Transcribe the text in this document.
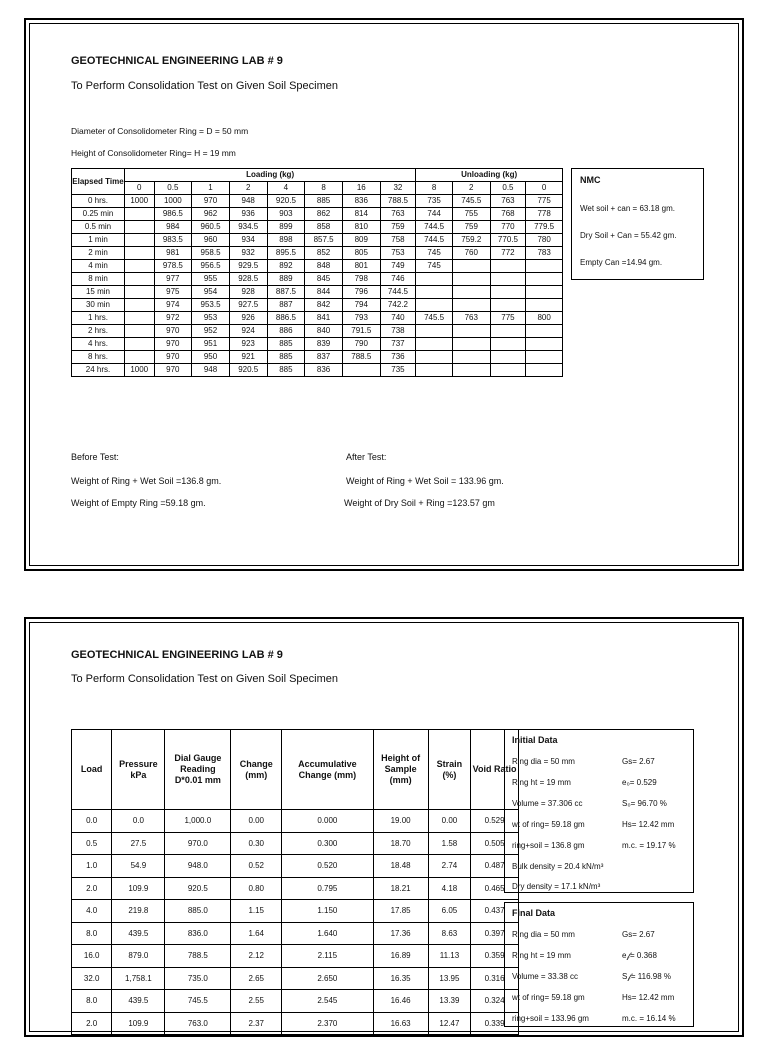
GEOTECHNICAL ENGINEERING LAB # 9
To Perform Consolidation Test on Given Soil Specimen
Diameter of Consolidometer Ring = D = 50 mm
Height of Consolidometer Ring= H = 19 mm
Elapsed Time	Loading (kg)								Unloading (kg)			
	0	0.5	1	2	4	8	16	32	8	2	0.5	0
0 hrs.	1000	1000	970	948	920.5	885	836	788.5	735	745.5	763	775
0.25 min		986.5	962	936	903	862	814	763	744	755	768	778
0.5 min		984	960.5	934.5	899	858	810	759	744.5	759	770	779.5
1 min		983.5	960	934	898	857.5	809	758	744.5	759.2	770.5	780
2 min		981	958.5	932	895.5	852	805	753	745	760	772	783
4 min		978.5	956.5	929.5	892	848	801	749	745			
8 min		977	955	928.5	889	845	798	746				
15 min		975	954	928	887.5	844	796	744.5				
30 min		974	953.5	927.5	887	842	794	742.2				
1 hrs.		972	953	926	886.5	841	793	740	745.5	763	775	800
2 hrs.		970	952	924	886	840	791.5	738				
4 hrs.		970	951	923	885	839	790	737				
8 hrs.		970	950	921	885	837	788.5	736				
24 hrs.	1000	970	948	920.5	885	836		735				
NMC
Wet soil + can = 63.18 gm.
Dry Soil + Can = 55.42 gm.
Empty Can =14.94 gm.
Before Test:
Weight of Ring + Wet Soil =136.8 gm.
Weight of Empty Ring =59.18 gm.
After Test:
Weight of Ring + Wet Soil = 133.96 gm.
Weight of Dry Soil + Ring =123.57 gm
GEOTECHNICAL ENGINEERING LAB # 9
To Perform Consolidation Test on Given Soil Specimen
Load	Pressure kPa	Dial Gauge Reading D*0.01 mm	Change (mm)	Accumulative Change (mm)	Height of Sample (mm)	Strain (%)	Void Ratio
0.0	0.0	1,000.0	0.00	0.000	19.00	0.00	0.529
0.5	27.5	970.0	0.30	0.300	18.70	1.58	0.505
1.0	54.9	948.0	0.52	0.520	18.48	2.74	0.487
2.0	109.9	920.5	0.80	0.795	18.21	4.18	0.465
4.0	219.8	885.0	1.15	1.150	17.85	6.05	0.437
8.0	439.5	836.0	1.64	1.640	17.36	8.63	0.397
16.0	879.0	788.5	2.12	2.115	16.89	11.13	0.359
32.0	1,758.1	735.0	2.65	2.650	16.35	13.95	0.316
8.0	439.5	745.5	2.55	2.545	16.46	13.39	0.324
2.0	109.9	763.0	2.37	2.370	16.63	12.47	0.339
Initial Data
Ring dia = 50 mm	Gs= 2.67
Ring ht = 19 mm	e₀= 0.529
Volume = 37.306 cc	S₀= 96.70 %
wt of ring= 59.18 gm	Hs= 12.42 mm
ring+soil = 136.8 gm	m.c. = 19.17 %
Bulk density = 20.4 kN/m³
Dry density = 17.1 kN/m³
Final Data
Ring dia = 50 mm	Gs= 2.67
Ring ht = 19 mm	e𝒻= 0.368
Volume = 33.38 cc	S𝒻= 116.98 %
wt of ring= 59.18 gm	Hs= 12.42 mm
ring+soil = 133.96 gm	m.c. = 16.14 %
